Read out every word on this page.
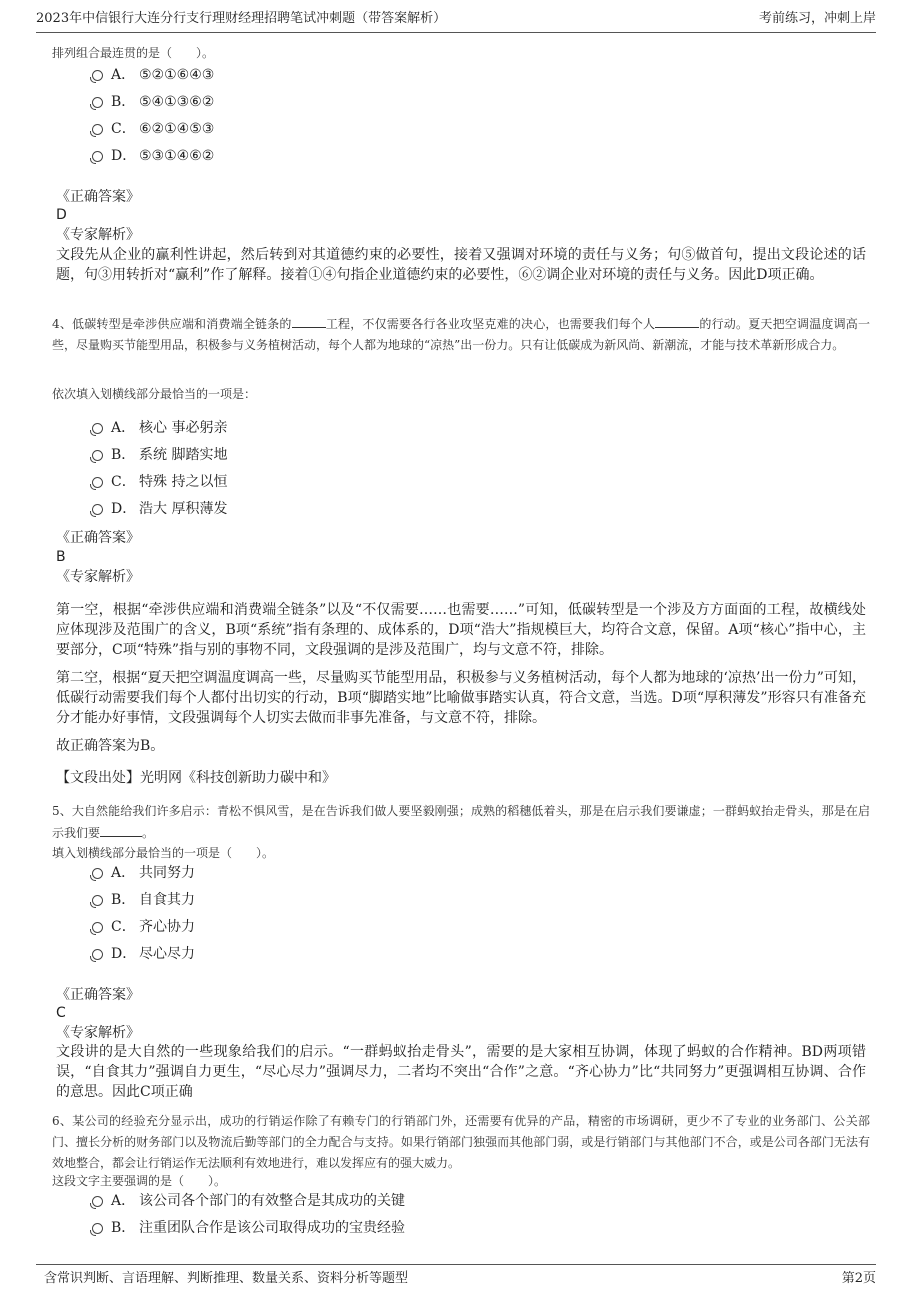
2023年中信银行大连分行支行理财经理招聘笔试冲刺题（带答案解析）	考前练习，冲刺上岸
排列组合最连贯的是（　　）。
A． ⑤②①⑥④③
B． ⑤④①③⑥②
C． ⑥②①④⑤③
D． ⑤③①④⑥②
《正确答案》
D
《专家解析》
文段先从企业的赢利性讲起，然后转到对其道德约束的必要性，接着又强调对环境的责任与义务；句⑤做首句，提出文段论述的话题，句③用转折对“赢利”作了解释。接着①④句指企业道德约束的必要性，⑥②调企业对环境的责任与义务。因此D项正确。
4、低碳转型是牵涉供应端和消费端全链条的	工程，不仅需要各行各业攻坚克难的决心，也需要我们每个人	的行动。夏天把空调温度调高一些，尽量购买节能型用品，积极参与义务植树活动，每个人都为地球的“凉热”出一份力。只有让低碳成为新风尚、新潮流，才能与技术革新形成合力。
依次填入划横线部分最恰当的一项是：
A． 核心 事必躬亲
B． 系统 脚踏实地
C． 特殊 持之以恒
D． 浩大 厚积薄发
《正确答案》
B
《专家解析》
第一空，根据“牵涉供应端和消费端全链条”以及“不仅需要……也需要……”可知，低碳转型是一个涉及方方面面的工程，故横线处应体现涉及范围广的含义，B项“系统”指有条理的、成体系的，D项“浩大”指规模巨大，均符合文意，保留。A项“核心”指中心，主要部分，C项“特殊”指与别的事物不同，文段强调的是涉及范围广，均与文意不符，排除。
第二空，根据“夏天把空调温度调高一些，尽量购买节能型用品，积极参与义务植树活动，每个人都为地球的‘凉热’出一份力”可知，低碳行动需要我们每个人都付出切实的行动，B项“脚踏实地”比喻做事踏实认真，符合文意，当选。D项“厚积薄发”形容只有准备充分才能办好事情，文段强调每个人切实去做而非事先准备，与文意不符，排除。
故正确答案为B。
【文段出处】光明网《科技创新助力碳中和》
5、大自然能给我们许多启示：青松不惧风雪，是在告诉我们做人要坚毅刚强；成熟的稻穗低着头，那是在启示我们要谦虚；一群蚂蚁抬走骨头，那是在启示我们要	。
填入划横线部分最恰当的一项是（　　）。
A． 共同努力
B． 自食其力
C． 齐心协力
D． 尽心尽力
《正确答案》
C
《专家解析》
文段讲的是大自然的一些现象给我们的启示。“一群蚂蚁抬走骨头”，需要的是大家相互协调，体现了蚂蚁的合作精神。BD两项错误，“自食其力”强调自力更生，“尽心尽力”强调尽力，二者均不突出“合作”之意。“齐心协力”比“共同努力”更强调相互协调、合作的意思。因此C项正确
6、某公司的经验充分显示出，成功的行销运作除了有赖专门的行销部门外，还需要有优异的产品，精密的市场调研，更少不了专业的业务部门、公关部门、擅长分析的财务部门以及物流后勤等部门的全力配合与支持。如果行销部门独强而其他部门弱，或是行销部门与其他部门不合，或是公司各部门无法有效地整合，都会让行销运作无法顺利有效地进行，难以发挥应有的强大威力。
这段文字主要强调的是（　　）。
A． 该公司各个部门的有效整合是其成功的关键
B． 注重团队合作是该公司取得成功的宝贵经验
含常识判断、言语理解、判断推理、数量关系、资料分析等题型	第2页
